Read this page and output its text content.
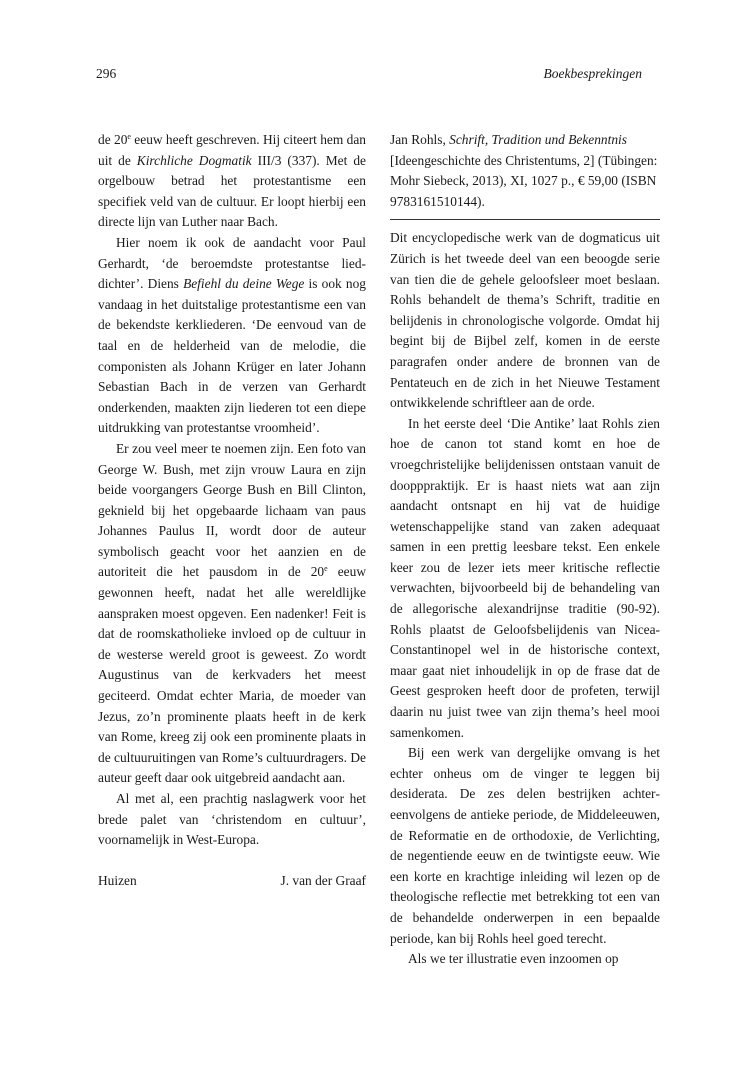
296	Boekbesprekingen

de 20e eeuw heeft geschreven. Hij citeert hem dan uit de Kirchliche Dogmatik III/3 (337). Met de orgelbouw betrad het protestantisme een specifiek veld van de cultuur. Er loopt hierbij een directe lijn van Luther naar Bach.

Hier noem ik ook de aandacht voor Paul Gerhardt, ‘de beroemdste protestantse lieddichter’. Diens Befiehl du deine Wege is ook nog vandaag in het duitstalige protestantisme een van de bekendste kerkliederen. ‘De eenvoud van de taal en de helderheid van de melodie, die componisten als Johann Krüger en later Johann Sebastian Bach in de verzen van Gerhardt onderkenden, maakten zijn liederen tot een diepe uitdrukking van protestantse vroomheid’.

Er zou veel meer te noemen zijn. Een foto van George W. Bush, met zijn vrouw Laura en zijn beide voorgangers George Bush en Bill Clinton, geknield bij het opgebaarde lichaam van paus Johannes Paulus II, wordt door de auteur symbolisch geacht voor het aanzien en de autoriteit die het pausdom in de 20e eeuw gewonnen heeft, nadat het alle wereldlijke aanspraken moest opgeven. Een nadenker! Feit is dat de roomskatholieke invloed op de cultuur in de westerse wereld groot is geweest. Zo wordt Augustinus van de kerkvaders het meest geciteerd. Omdat echter Maria, de moeder van Jezus, zo’n prominente plaats heeft in de kerk van Rome, kreeg zij ook een prominente plaats in de cultuuruitingen van Rome’s cultuurdragers. De auteur geeft daar ook uitgebreid aandacht aan.

Al met al, een prachtig naslagwerk voor het brede palet van ‘christendom en cultuur’, voornamelijk in West-Europa.

Huizen	J. van der Graaf

Jan Rohls, Schrift, Tradition und Bekenntnis [Ideengeschichte des Christentums, 2] (Tübingen: Mohr Siebeck, 2013), XI, 1027 p., € 59,00 (ISBN 9783161510144).

Dit encyclopedische werk van de dogmaticus uit Zürich is het tweede deel van een beoogde serie van tien die de gehele geloofsleer moet beslaan. Rohls behandelt de thema’s Schrift, traditie en belijdenis in chronologische volgorde. Omdat hij begint bij de Bijbel zelf, komen in de eerste paragrafen onder andere de bronnen van de Pentateuch en de zich in het Nieuwe Testament ontwikkelende schriftleer aan de orde.

In het eerste deel ‘Die Antike’ laat Rohls zien hoe de canon tot stand komt en hoe de vroegchristelijke belijdenissen ontstaan vanuit de doopppraktijk. Er is haast niets wat aan zijn aandacht ontsnapt en hij vat de huidige wetenschappelijke stand van zaken adequaat samen in een prettig leesbare tekst. Een enkele keer zou de lezer iets meer kritische reflectie verwachten, bijvoorbeeld bij de behandeling van de allegorische alexandrijnse traditie (90-92). Rohls plaatst de Geloofsbelijdenis van Nicea-Constantinopel wel in de historische context, maar gaat niet inhoudelijk in op de frase dat de Geest gesproken heeft door de profeten, terwijl daarin nu juist twee van zijn thema’s heel mooi samenkomen.

Bij een werk van dergelijke omvang is het echter onheus om de vinger te leggen bij desiderata. De zes delen bestrijken achtereenvolgens de antieke periode, de Middeleeuwen, de Reformatie en de orthodoxie, de Verlichting, de negentiende eeuw en de twintigste eeuw. Wie een korte en krachtige inleiding wil lezen op de theologische reflectie met betrekking tot een van de behandelde onderwerpen in een bepaalde periode, kan bij Rohls heel goed terecht.

Als we ter illustratie even inzoomen op
